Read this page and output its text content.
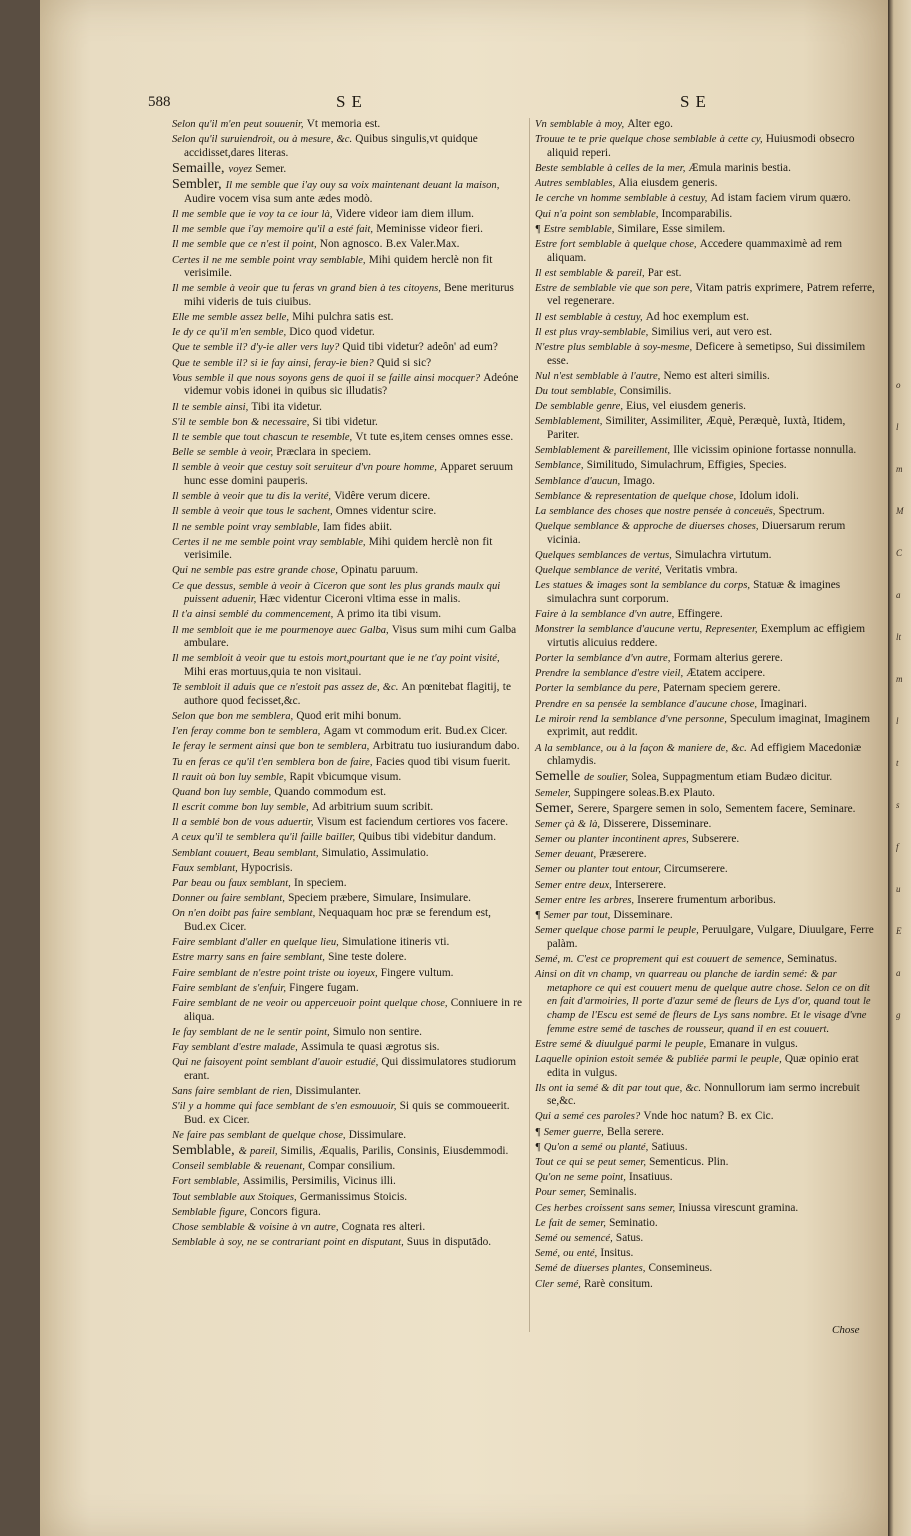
o
l
m
M
C
a
lt
m
l
t
s
f
u
E
a
g
588	SE	SE
Selon qu'il m'en peut souuenir, Vt memoria est.
Selon qu'il suruiendroit, ou à mesure, &c. Quibus singulis,vt quidque accidisset,dares literas.
Semaille, voyez Semer.
Sembler, Il me semble que i'ay ouy sa voix maintenant deuant la maison, Audire vocem visa sum ante ædes modò.
Il me semble que ie voy ta ce iour là, Videre videor iam diem illum.
Il me semble que i'ay memoire qu'il a esté fait, Meminisse videor fieri.
Il me semble que ce n'est il point, Non agnosco. B.ex Valer.Max.
Certes il ne me semble point vray semblable, Mihi quidem herclè non fit verisimile.
Il me semble à veoir que tu feras vn grand bien à tes citoyens, Bene meriturus mihi videris de tuis ciuibus.
Elle me semble assez belle, Mihi pulchra satis est.
Ie dy ce qu'il m'en semble, Dico quod videtur.
Que te semble il? d'y-ie aller vers luy? Quid tibi videtur? adeôn' ad eum?
Que te semble il? si ie fay ainsi, feray-ie bien? Quid si sic?
Vous semble il que nous soyons gens de quoi il se faille ainsi mocquer? Adeóne videmur vobis idonei in quibus sic illudatis?
Il te semble ainsi, Tibi ita videtur.
S'il te semble bon & necessaire, Si tibi videtur.
Il te semble que tout chascun te resemble, Vt tute es,item censes omnes esse.
Belle se semble à veoir, Præclara in speciem.
Il semble à veoir que cestuy soit seruiteur d'vn poure homme, Apparet seruum hunc esse domini pauperis.
Il semble à veoir que tu dis la verité, Vidêre verum dicere.
Il semble à veoir que tous le sachent, Omnes videntur scire.
Il ne semble point vray semblable, Iam fides abiit.
Certes il ne me semble point vray semblable, Mihi quidem herclè non fit verisimile.
Qui ne semble pas estre grande chose, Opinatu paruum.
Ce que dessus, semble à veoir à Ciceron que sont les plus grands maulx qui puissent aduenir, Hæc videntur Ciceroni vltima esse in malis.
Il t'a ainsi semblé du commencement, A primo ita tibi visum.
Il me sembloit que ie me pourmenoye auec Galba, Visus sum mihi cum Galba ambulare.
Il me sembloit à veoir que tu estois mort,pourtant que ie ne t'ay point visité, Mihi eras mortuus,quia te non visitaui.
Te sembloit il aduis que ce n'estoit pas assez de, &c. An pœnitebat flagitij, te authore quod fecisset,&c.
Selon que bon me semblera, Quod erit mihi bonum.
I'en feray comme bon te semblera, Agam vt commodum erit. Bud.ex Cicer.
Ie feray le serment ainsi que bon te semblera, Arbitratu tuo iusiurandum dabo.
Tu en feras ce qu'il t'en semblera bon de faire, Facies quod tibi visum fuerit.
Il rauit où bon luy semble, Rapit vbicumque visum.
Quand bon luy semble, Quando commodum est.
Il escrit comme bon luy semble, Ad arbitrium suum scribit.
Il a semblé bon de vous aduertir, Visum est faciendum certiores vos facere.
A ceux qu'il te semblera qu'il faille bailler, Quibus tibi videbitur dandum.
Semblant couuert, Beau semblant, Simulatio, Assimulatio.
Faux semblant, Hypocrisis.
Par beau ou faux semblant, In speciem.
Donner ou faire semblant, Speciem præbere, Simulare, Insimulare.
On n'en doibt pas faire semblant, Nequaquam hoc præ se ferendum est, Bud.ex Cicer.
Faire semblant d'aller en quelque lieu, Simulatione itineris vti.
Estre marry sans en faire semblant, Sine teste dolere.
Faire semblant de n'estre point triste ou ioyeux, Fingere vultum.
Faire semblant de s'enfuir, Fingere fugam.
Faire semblant de ne veoir ou apperceuoir point quelque chose, Conniuere in re aliqua.
Ie fay semblant de ne le sentir point, Simulo non sentire.
Fay semblant d'estre malade, Assimula te quasi ægrotus sis.
Qui ne faisoyent point semblant d'auoir estudié, Qui dissimulatores studiorum erant.
Sans faire semblant de rien, Dissimulanter.
S'il y a homme qui face semblant de s'en esmouuoir, Si quis se commoueerit. Bud. ex Cicer.
Ne faire pas semblant de quelque chose, Dissimulare.
Semblable, & pareil, Similis, Æqualis, Parilis, Consinis, Eiusdemmodi.
Conseil semblable & reuenant, Compar consilium.
Fort semblable, Assimilis, Persimilis, Vicinus illi.
Tout semblable aux Stoiques, Germanissimus Stoicis.
Semblable figure, Concors figura.
Chose semblable & voisine à vn autre, Cognata res alteri.
Semblable à soy, ne se contrariant point en disputant, Suus in disputādo.
Vn semblable à moy, Alter ego.
Trouue te te prie quelque chose semblable à cette cy, Huiusmodi obsecro aliquid reperi.
Beste semblable à celles de la mer, Æmula marinis bestia.
Autres semblables, Alia eiusdem generis.
Ie cerche vn homme semblable à cestuy, Ad istam faciem virum quæro.
Qui n'a point son semblable, Incomparabilis.
¶ Estre semblable, Similare, Esse similem.
Estre fort semblable à quelque chose, Accedere quammaximè ad rem aliquam.
Il est semblable & pareil, Par est.
Estre de semblable vie que son pere, Vitam patris exprimere, Patrem referre, vel regenerare.
Il est semblable à cestuy, Ad hoc exemplum est.
Il est plus vray-semblable, Similius veri, aut vero est.
N'estre plus semblable à soy-mesme, Deficere à semetipso, Sui dissimilem esse.
Nul n'est semblable à l'autre, Nemo est alteri similis.
Du tout semblable, Consimilis.
De semblable genre, Eius, vel eiusdem generis.
Semblablement, Similiter, Assimiliter, Æquè, Peræquè, Iuxtà, Itidem, Pariter.
Semblablement & pareillement, Ille vicissim opinione fortasse nonnulla.
Semblance, Similitudo, Simulachrum, Effigies, Species.
Semblance d'aucun, Imago.
Semblance & representation de quelque chose, Idolum idoli.
La semblance des choses que nostre pensée à conceuës, Spectrum.
Quelque semblance & approche de diuerses choses, Diuersarum rerum vicinia.
Quelques semblances de vertus, Simulachra virtutum.
Quelque semblance de verité, Veritatis vmbra.
Les statues & images sont la semblance du corps, Statuæ & imagines simulachra sunt corporum.
Faire à la semblance d'vn autre, Effingere.
Monstrer la semblance d'aucune vertu, Representer, Exemplum ac effigiem virtutis alicuius reddere.
Porter la semblance d'vn autre, Formam alterius gerere.
Prendre la semblance d'estre vieil, Ætatem accipere.
Porter la semblance du pere, Paternam speciem gerere.
Prendre en sa pensée la semblance d'aucune chose, Imaginari.
Le miroir rend la semblance d'vne personne, Speculum imaginat, Imaginem exprimit, aut reddit.
A la semblance, ou à la façon & maniere de, &c. Ad effigiem Macedoniæ chlamydis.
Semelle de soulier, Solea, Suppagmentum etiam Budæo dicitur.
Semeler, Suppingere soleas.B.ex Plauto.
Semer, Serere, Spargere semen in solo, Sementem facere, Seminare.
Semer çà & là, Disserere, Disseminare.
Semer ou planter incontinent apres, Subserere.
Semer deuant, Præserere.
Semer ou planter tout entour, Circumserere.
Semer entre deux, Interserere.
Semer entre les arbres, Inserere frumentum arboribus.
¶ Semer par tout, Disseminare.
Semer quelque chose parmi le peuple, Peruulgare, Vulgare, Diuulgare, Ferre palàm.
Semé, m. C'est ce proprement qui est couuert de semence, Seminatus.
Ainsi on dit vn champ, vn quarreau ou planche de iardin semé: & par metaphore ce qui est couuert menu de quelque autre chose. Selon ce on dit en fait d'armoiries, Il porte d'azur semé de fleurs de Lys d'or, quand tout le champ de l'Escu est semé de fleurs de Lys sans nombre. Et le visage d'vne femme estre semé de tasches de rousseur, quand il en est couuert.
Estre semé & diuulgué parmi le peuple, Emanare in vulgus.
Laquelle opinion estoit semée & publiée parmi le peuple, Quæ opinio erat edita in vulgus.
Ils ont ia semé & dit par tout que, &c. Nonnullorum iam sermo increbuit se,&c.
Qui a semé ces paroles? Vnde hoc natum? B. ex Cic.
¶ Semer guerre, Bella serere.
¶ Qu'on a semé ou planté, Satiuus.
Tout ce qui se peut semer, Sementicus. Plin.
Qu'on ne seme point, Insatiuus.
Pour semer, Seminalis.
Ces herbes croissent sans semer, Iniussa virescunt gramina.
Le fait de semer, Seminatio.
Semé ou semencé, Satus.
Semé, ou enté, Insitus.
Semé de diuerses plantes, Consemineus.
Cler semé, Rarè consitum.
Chose
